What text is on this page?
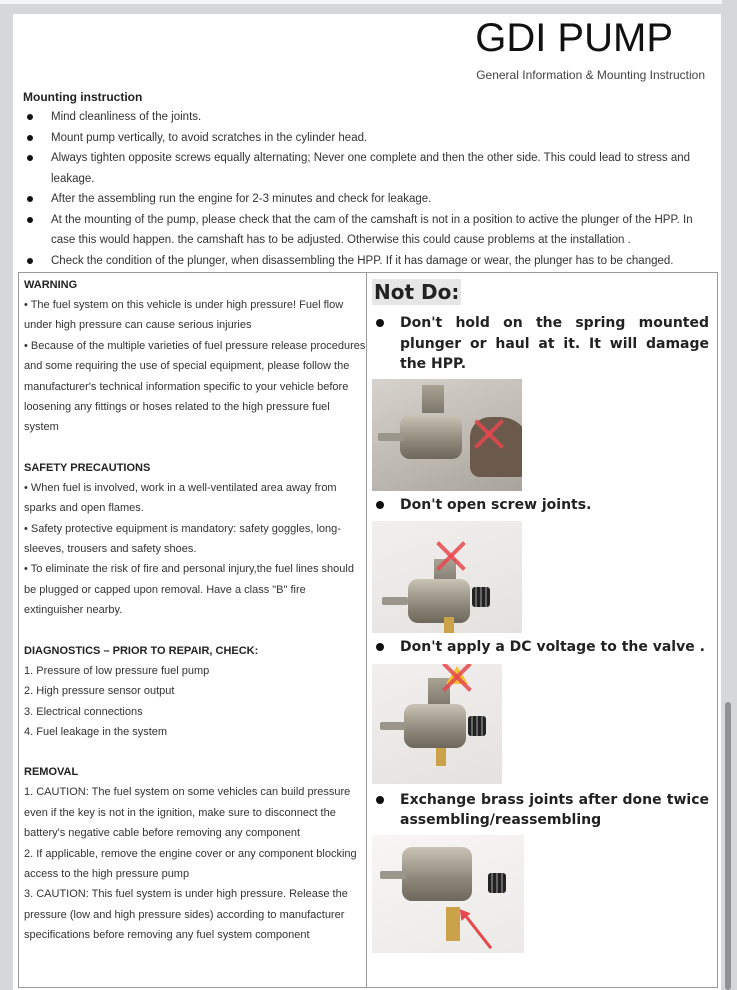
GDI PUMP
General Information & Mounting Instruction
Mounting instruction
Mind cleanliness of the joints.
Mount pump vertically, to avoid scratches in the cylinder head.
Always tighten opposite screws equally alternating; Never one complete and then the other side. This could lead to stress and leakage.
After the assembling run the engine for 2-3 minutes and check for leakage.
At the mounting of the pump, please check that the cam of the camshaft is not in a position to active the plunger of the HPP. In case this would happen. the camshaft has to be adjusted. Otherwise this could cause problems at the installation .
Check the condition of the plunger, when disassembling the HPP. If it has damage or wear, the plunger has to be changed.
WARNING

• The fuel system on this vehicle is under high pressure! Fuel flow under high pressure can cause serious injuries

• Because of the multiple varieties of fuel pressure release procedures and some requiring the use of special equipment, please follow the manufacturer's technical information specific to your vehicle before loosening any fittings or hoses related to the high pressure fuel system

SAFETY PRECAUTIONS

• When fuel is involved, work in a well-ventilated area away from sparks and open flames.

• Safety protective equipment is mandatory: safety goggles, long-sleeves, trousers and safety shoes.

• To eliminate the risk of fire and personal injury,the fuel lines should be plugged or capped upon removal. Have a class "B" fire extinguisher nearby.

DIAGNOSTICS – PRIOR TO REPAIR, CHECK:

1. Pressure of low pressure fuel pump

2. High pressure sensor output

3. Electrical connections

4. Fuel leakage in the system

REMOVAL

1. CAUTION: The fuel system on some vehicles can build pressure even if the key is not in the ignition, make sure to disconnect the battery's negative cable before removing any component

2. If applicable, remove the engine cover or any component blocking access to the high pressure pump

3. CAUTION: This fuel system is under high pressure. Release the pressure (low and high pressure sides) according to manufacturer specifications before removing any fuel system component

Not Do:
Don't hold on the spring mounted plunger or haul at it. It will damage the HPP.
Don't open screw joints.
Don't apply a DC voltage to the valve .
Exchange brass joints after done twice assembling/reassembling
